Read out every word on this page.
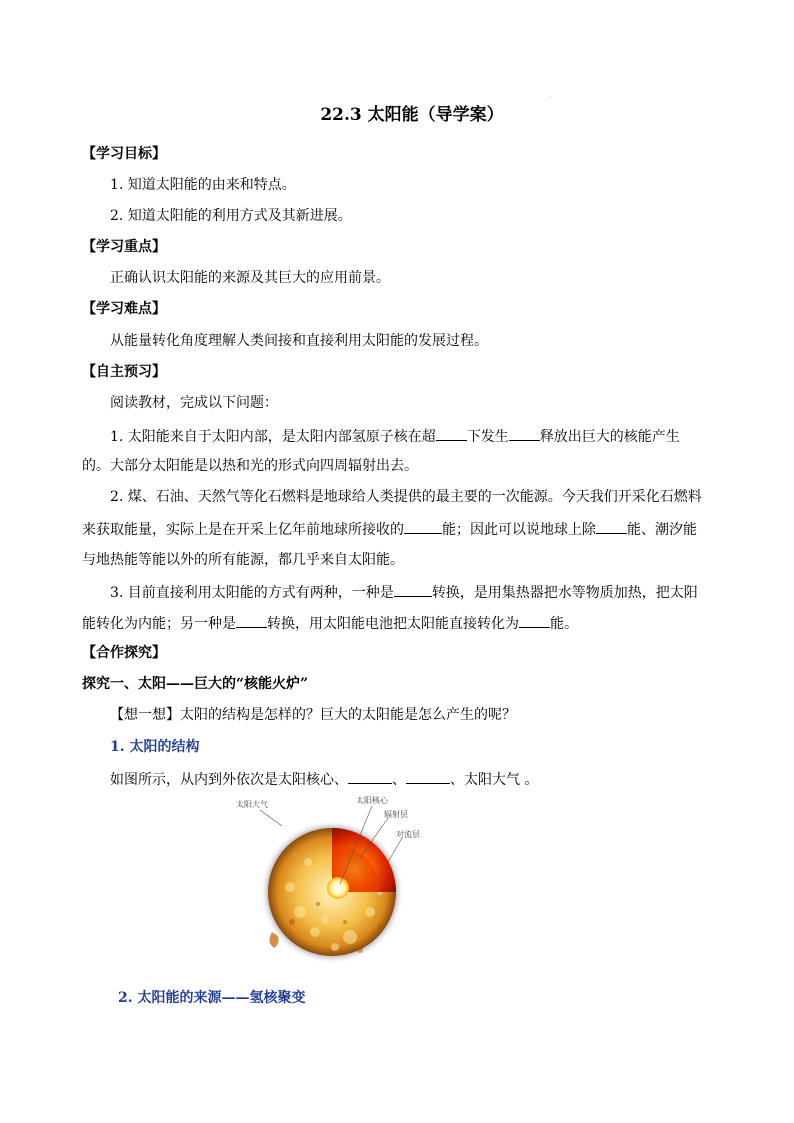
.
22.3 太阳能（导学案）
【学习目标】
1. 知道太阳能的由来和特点。
2. 知道太阳能的利用方式及其新进展。
【学习重点】
正确认识太阳能的来源及其巨大的应用前景。
【学习难点】
从能量转化角度理解人类间接和直接利用太阳能的发展过程。
【自主预习】
阅读教材，完成以下问题：
1. 太阳能来自于太阳内部，是太阳内部氢原子核在超 下发生 释放出巨大的核能产生
的。大部分太阳能是以热和光的形式向四周辐射出去。
2. 煤、石油、天然气等化石燃料是地球给人类提供的最主要的一次能源。今天我们开采化石燃料
来获取能量，实际上是在开采上亿年前地球所接收的	能；因此可以说地球上除 能、潮汐能
与地热能等能以外的所有能源，都几乎来自太阳能。
3. 目前直接利用太阳能的方式有两种，一种是	转换，是用集热器把水等物质加热，把太阳
能转化为内能；另一种是 转换，用太阳能电池把太阳能直接转化为 能。
【合作探究】
探究一、太阳——巨大的“核能火炉”
【想一想】太阳的结构是怎样的？巨大的太阳能是怎么产生的呢？
1. 太阳的结构
如图所示，从内到外依次是太阳核心、	、	、太阳大气 。
太阳大气	太阳核心
辐射层
对流层
2. 太阳能的来源——氢核聚变
